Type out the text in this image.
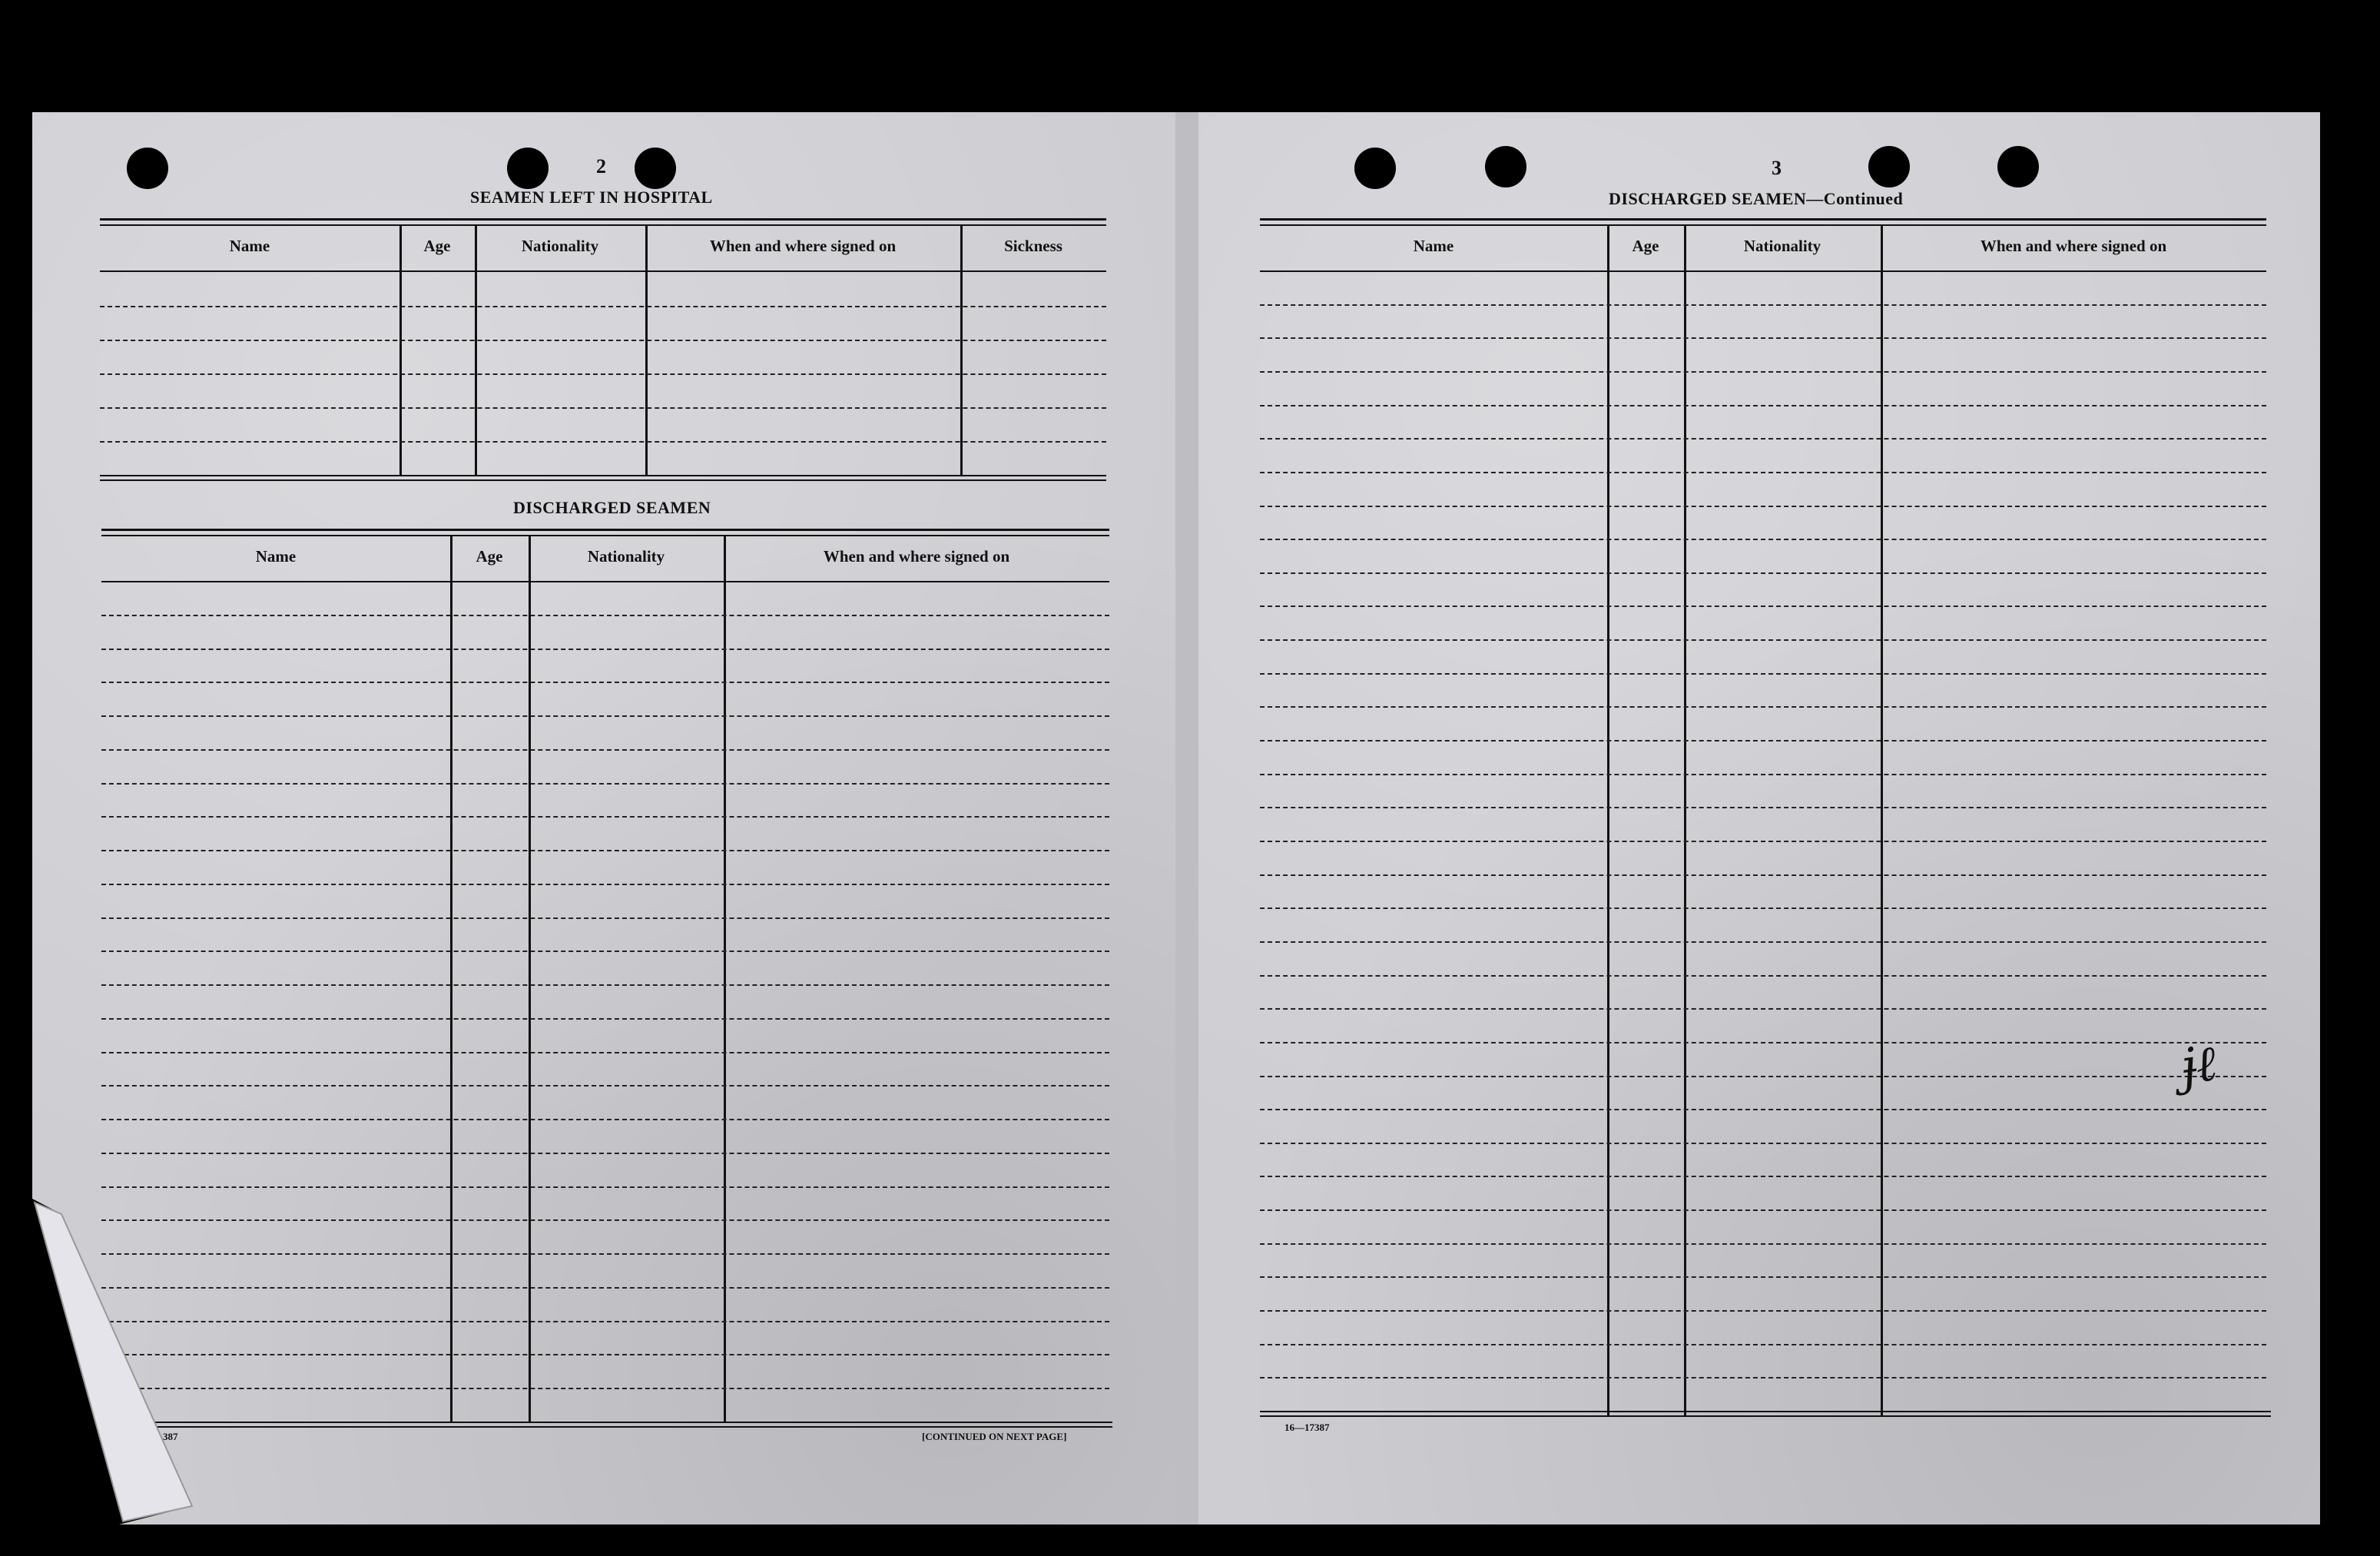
2
SEAMEN LEFT IN HOSPITAL
Name	Age	Nationality	When and where signed on	Sickness
DISCHARGED SEAMEN
Name	Age	Nationality	When and where signed on
387	[CONTINUED ON NEXT PAGE]
3
DISCHARGED SEAMEN—Continued
Name	Age	Nationality	When and where signed on
16—17387
ɉℓ
